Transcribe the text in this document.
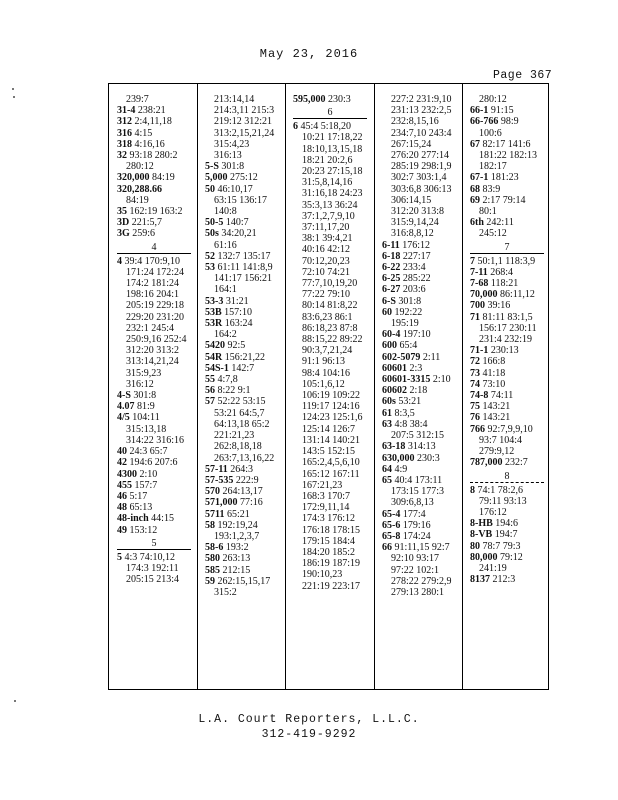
May 23, 2016
Page 367
239:7
31-4 238:21
312 2:4,11,18
316 4:15
318 4:16,16
32 93:18 280:2
280:12
320,000 84:19
320,288.66
84:19
35 162:19 163:2
3D 221:5,7
3G 259:6
4
4 39:4 170:9,10
171:24 172:24
174:2 181:24
198:16 204:1
205:19 229:18
229:20 231:20
232:1 245:4
250:9,16 252:4
312:20 313:2
313:14,21,24
315:9,23
316:12
4-S 301:8
4.07 81:9
4/5 104:11
315:13,18
314:22 316:16
40 24:3 65:7
42 194:6 207:6
4300 2:10
455 157:7
46 5:17
48 65:13
48-inch 44:15
49 153:12
5
5 4:3 74:10,12
174:3 192:11
205:15 213:4
213:14,14
214:3,11 215:3
219:12 312:21
313:2,15,21,24
315:4,23
316:13
5-S 301:8
5,000 275:12
50 46:10,17
63:15 136:17
140:8
50-5 140:7
50s 34:20,21
61:16
52 132:7 135:17
53 61:11 141:8,9
141:17 156:21
164:1
53-3 31:21
53B 157:10
53R 163:24
164:2
5420 92:5
54R 156:21,22
54S-1 142:7
55 4:7,8
56 8:22 9:1
57 52:22 53:15
53:21 64:5,7
64:13,18 65:2
221:21,23
262:8,18,18
263:7,13,16,22
57-11 264:3
57-535 222:9
570 264:13,17
571,000 77:16
5711 65:21
58 192:19,24
193:1,2,3,7
58-6 193:2
580 263:13
585 212:15
59 262:15,15,17
315:2
595,000 230:3
6
6 45:4 5:18,20
10:21 17:18,22
18:10,13,15,18
18:21 20:2,6
20:23 27:15,18
31:5,8,14,16
31:16,18 24:23
35:3,13 36:24
37:1,2,7,9,10
37:11,17,20
38:1 39:4,21
40:16 42:12
70:12,20,23
72:10 74:21
77:7,10,19,20
77:22 79:10
80:14 81:8,22
83:6,23 86:1
86:18,23 87:8
88:15,22 89:22
90:3,7,21,24
91:1 96:13
98:4 104:16
105:1,6,12
106:19 109:22
119:17 124:16
124:23 125:1,6
125:14 126:7
131:14 140:21
143:5 152:15
165:2,4,5,6,10
165:12 167:11
167:21,23
168:3 170:7
172:9,11,14
174:3 176:12
176:18 178:15
179:15 184:4
184:20 185:2
186:19 187:19
190:10,23
221:19 223:17
227:2 231:9,10
231:13 232:2,5
232:8,15,16
234:7,10 243:4
267:15,24
276:20 277:14
285:19 298:1,9
302:7 303:1,4
303:6,8 306:13
306:14,15
312:20 313:8
315:9,14,24
316:8,8,12
6-11 176:12
6-18 227:17
6-22 233:4
6-25 285:22
6-27 203:6
6-S 301:8
60 192:22
195:19
60-4 197:10
600 65:4
602-5079 2:11
60601 2:3
60601-3315 2:10
60602 2:18
60s 53:21
61 8:3,5
63 4:8 38:4
207:5 312:15
63-18 314:13
630,000 230:3
64 4:9
65 40:4 173:11
173:15 177:3
309:6,8,13
65-4 177:4
65-6 179:16
65-8 174:24
66 91:11,15 92:7
92:10 93:17
97:22 102:1
278:22 279:2,9
279:13 280:1
280:12
66-1 91:15
66-766 98:9
100:6
67 82:17 141:6
181:22 182:13
182:17
67-1 181:23
68 83:9
69 2:17 79:14
80:1
6th 242:11
245:12
7
7 50:1,1 118:3,9
7-11 268:4
7-68 118:21
70,000 86:11,12
700 39:16
71 81:11 83:1,5
156:17 230:11
231:4 232:19
71-1 230:13
72 166:8
73 41:18
74 73:10
74-8 74:11
75 143:21
76 143:21
766 92:7,9,9,10
93:7 104:4
279:9,12
787,000 232:7
8
8 74:1 78:2,6
79:11 93:13
176:12
8-HB 194:6
8-VB 194:7
80 78:7 79:3
80,000 79:12
241:19
8137 212:3
L.A. Court Reporters, L.L.C.
312-419-9292
